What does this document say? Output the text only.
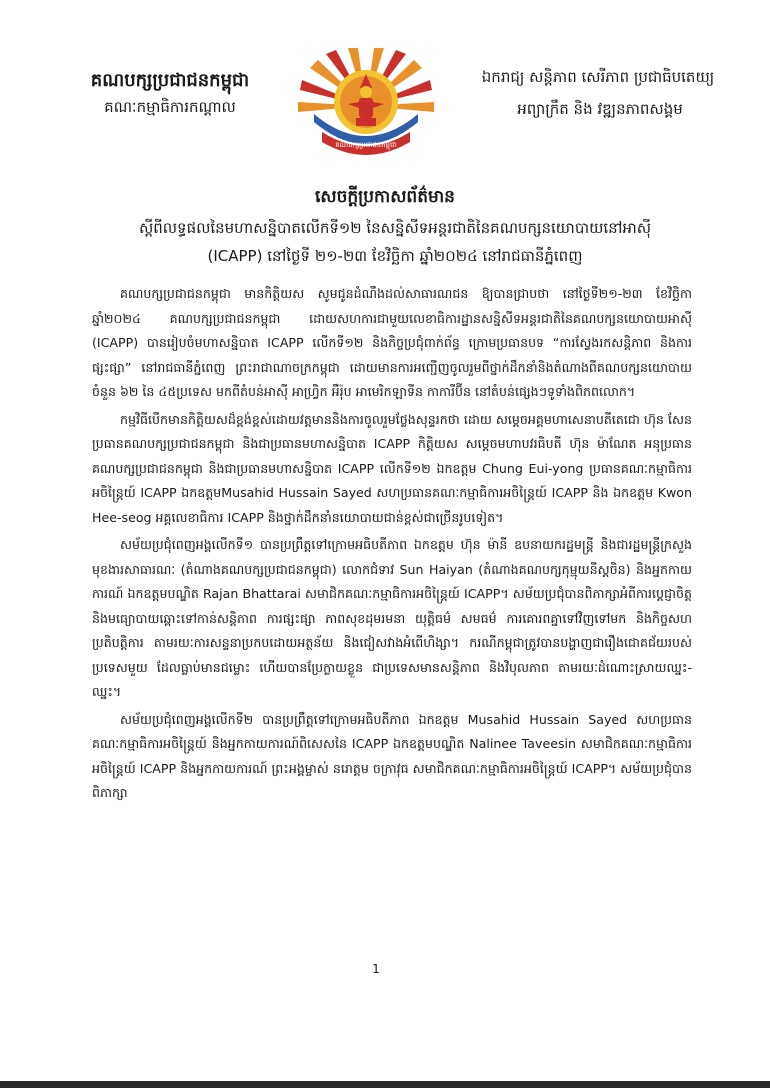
គណបក្សប្រជាជនកម្ពុជា
គណៈកម្មាធិការកណ្តាល
គណបក្សប្រជាជនកម្ពុជា
ឯករាជ្យ សន្តិភាព សេរីភាព ប្រជាធិបតេយ្យ
អព្យាក្រឹត និង វឌ្ឍនភាពសង្គម
សេចក្តីប្រកាសព័ត៌មាន
ស្តីពីលទ្ធផលនៃមហាសន្និបាតលើកទី១២ នៃសន្និសីទអន្តរជាតិនៃគណបក្សនយោបាយនៅអាស៊ី
(ICAPP) នៅថ្ងៃទី ២១-២៣ ខែវិច្ឆិកា ឆ្នាំ២០២៤ នៅរាជធានីភ្នំពេញ

គណបក្សប្រជាជនកម្ពុជា មានកិត្តិយស សូមជូនដំណឹងដល់សាធារណជន ឱ្យបានជ្រាបថា នៅថ្ងៃទី២១-២៣ ខែវិច្ឆិកា ឆ្នាំ២០២៤ គណបក្សប្រជាជនកម្ពុជា ដោយសហការជាមួយលេខាធិការដ្ឋានសន្និសីទអន្តរជាតិនៃគណបក្សនយោបាយអាស៊ី (ICAPP) បានរៀបចំមហាសន្និបាត ICAPP លើកទី១២ និងកិច្ចប្រជុំពាក់ព័ន្ធ ក្រោមប្រធានបទ “ការស្វែងរកសន្តិភាព និងការផ្សះផ្សា” នៅរាជធានីភ្នំពេញ ព្រះរាជាណាចក្រកម្ពុជា ដោយមានការអញ្ជើញចូលរួមពីថ្នាក់ដឹកនាំនិងតំណាងពីគណបក្សនយោបាយចំនួន ៦២ នៃ ៤៥ប្រទេស មកពីតំបន់អាស៊ី អាហ្វ្រិក អឺរ៉ុប អាមេរិកឡាទីន កាការីប៊ីន នៅតំបន់ផ្សេងៗទូទាំងពិភពលោក។

កម្មវិធីបើកមានកិត្តិយសដ៏ខ្ពង់ខ្ពស់ដោយវត្តមាននិងការចូលរួមថ្លែងសុន្ទរកថា ដោយ សម្តេចអគ្គមហាសេនាបតីតេជោ ហ៊ុន សែន ប្រធានគណបក្សប្រជាជនកម្ពុជា និងជាប្រធានមហាសន្និបាត ICAPP កិត្តិយស សម្តេចមហាបវរធិបតី ហ៊ុន ម៉ាណែត អនុប្រធានគណបក្សប្រជាជនកម្ពុជា និងជាប្រធានមហាសន្និបាត ICAPP លើកទី១២ ឯកឧត្តម Chung Eui-yong ប្រធានគណៈកម្មាធិការអចិន្ត្រៃយ៍ ICAPP ឯកឧត្តមMusahid Hussain Sayed សហប្រធានគណៈកម្មាធិការអចិន្ត្រៃយ៍ ICAPP និង ឯកឧត្តម Kwon Hee-seog អគ្គលេខាធិការ ICAPP និងថ្នាក់ដឹកនាំនយោបាយជាន់ខ្ពស់ជាច្រើនរូបទៀត។

សម័យប្រជុំពេញអង្គលើកទី១ បានប្រព្រឹត្តទៅក្រោមអធិបតីភាព ឯកឧត្តម ហ៊ុន ម៉ានី ឧបនាយករដ្ឋមន្ត្រី និងជារដ្ឋមន្ត្រីក្រសួងមុខងារសាធារណៈ (តំណាងគណបក្សប្រជាជនកម្ពុជា) លោកជំទាវ Sun Haiyan (តំណាងគណបក្សកុម្មុយនីស្តចិន) និងអ្នកកាយការណ៍ ឯកឧត្តមបណ្ឌិត Rajan Bhattarai សមាជិកគណៈកម្មាធិការអចិន្ត្រៃយ៍ ICAPP។ សម័យប្រជុំបានពិភាក្សាអំពីការប្តេជ្ញាចិត្ត និងមធ្យោបាយឆ្ពោះទៅកាន់សន្តិភាព ការផ្សះផ្សា ភាពសុខដុមរមនា យុត្តិធម៌ សមធម៌ ការគោរពគ្នាទៅវិញទៅមក និងកិច្ចសហប្រតិបត្តិការ តាមរយៈការសន្ទនាប្រកបដោយអត្ថន័យ និងជៀសវាងអំពើហិង្សា។ ករណីកម្ពុជាត្រូវបានបង្ហាញជារឿងជោគជ័យរបស់ប្រទេសមួយ ដែលធ្លាប់មានជម្លោះ ហើយបានប្រែក្លាយខ្លួន ជាប្រទេសមានសន្តិភាព និងវិបុលភាព តាមរយៈដំណោះស្រាយឈ្នះ-ឈ្នះ។

សម័យប្រជុំពេញអង្គលើកទី២ បានប្រព្រឹត្តទៅក្រោមអធិបតីភាព ឯកឧត្តម Musahid Hussain Sayed សហប្រធានគណៈកម្មាធិការអចិន្ត្រៃយ៍ និងអ្នកកាយការណ៍ពិសេសនៃ ICAPP ឯកឧត្តមបណ្ឌិត Nalinee Taveesin សមាជិកគណៈកម្មាធិការអចិន្ត្រៃយ៍ ICAPP និងអ្នកកាយការណ៍ ព្រះអង្គម្ចាស់ នរោត្តម ចក្រាវុធ សមាជិកគណៈកម្មាធិការអចិន្ត្រៃយ៍ ICAPP។ សម័យប្រជុំបានពិភាក្សា

1
